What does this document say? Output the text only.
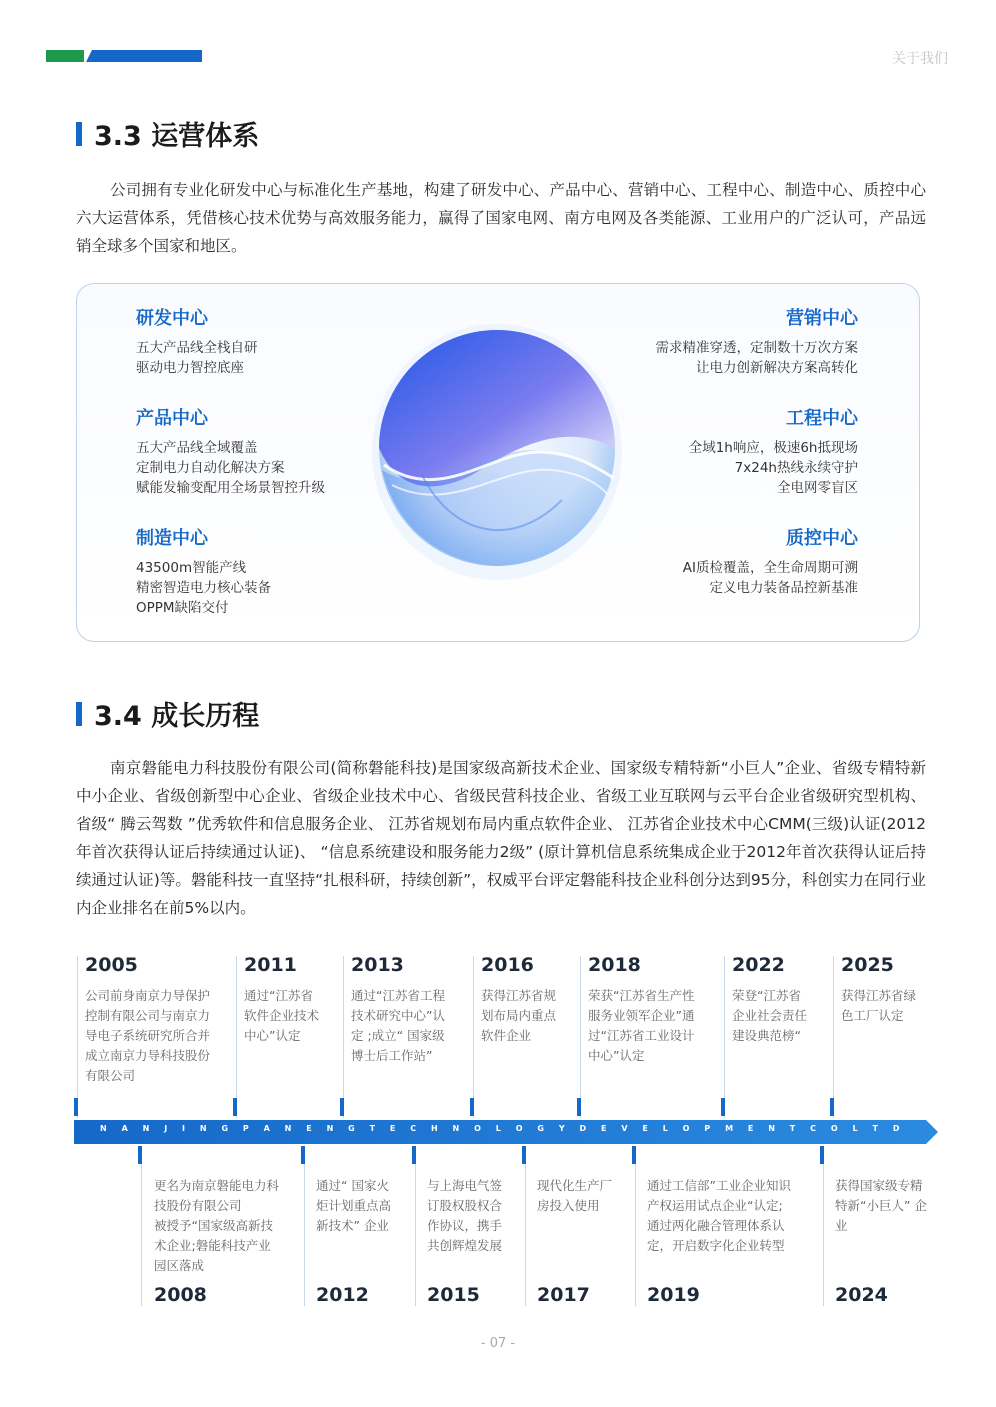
关于我们
3.3 运营体系
公司拥有专业化研发中心与标准化生产基地，构建了研发中心、产品中心、营销中心、工程中心、制造中心、质控中心六大运营体系，凭借核心技术优势与高效服务能力，赢得了国家电网、南方电网及各类能源、工业用户的广泛认可，产品远销全球多个国家和地区。
研发中心
五大产品线全栈自研
驱动电力智控底座
产品中心
五大产品线全域覆盖
定制电力自动化解决方案
赋能发输变配用全场景智控升级
制造中心
43500m智能产线
精密智造电力核心装备
OPPM缺陷交付
营销中心
需求精准穿透，定制数十万次方案
让电力创新解决方案高转化
工程中心
全域1h响应，极速6h抵现场
7x24h热线永续守护
全电网零盲区
质控中心
AI质检覆盖，全生命周期可溯
定义电力装备品控新基准
3.4 成长历程
南京磐能电力科技股份有限公司(简称磐能科技)是国家级高新技术企业、国家级专精特新“小巨人”企业、省级专精特新中小企业、省级创新型中心企业、省级企业技术中心、省级民营科技企业、省级工业互联网与云平台企业省级研究型机构、 省级“ 腾云驾数 ”优秀软件和信息服务企业、 江苏省规划布局内重点软件企业、 江苏省企业技术中心CMM(三级)认证(2012年首次获得认证后持续通过认证)、 “信息系统建设和服务能力2级” (原计算机信息系统集成企业于2012年首次获得认证后持续通过认证)等。磐能科技一直坚持“扎根科研，持续创新”，权威平台评定磐能科技企业科创分达到95分，科创实力在同行业内企业排名在前5%以内。
2005
公司前身南京力导保护
控制有限公司与南京力
导电子系统研究所合并
成立南京力导科技股份
有限公司
2011
通过“江苏省
软件企业技术
中心”认定
2013
通过“江苏省工程
技术研究中心”认
定 ;成立“ 国家级
博士后工作站”
2016
获得江苏省规
划布局内重点
软件企业
2018
荣获“江苏省生产性
服务业领军企业”通
过“江苏省工业设计
中心”认定
2022
荣登“江苏省
企业社会责任
建设典范榜“
2025
获得江苏省绿
色工厂认定
N A N J I N G P A N E N G T E C H N O L O G Y D E V E L O P M E N T C O L T D
更名为南京磐能电力科
技股份有限公司
被授予“国家级高新技
术企业;磐能科技产业
园区落成
2008
通过“ 国家火
炬计划重点高
新技术” 企业
2012
与上海电气签
订股权股权合
作协议，携手
共创辉煌发展
2015
现代化生产厂
房投入使用
2017
通过工信部”工业企业知识
产权运用试点企业“认定;
通过两化融合管理体系认
定，开启数字化企业转型
2019
获得国家级专精
特新“小巨人” 企
业
2024
- 07 -
